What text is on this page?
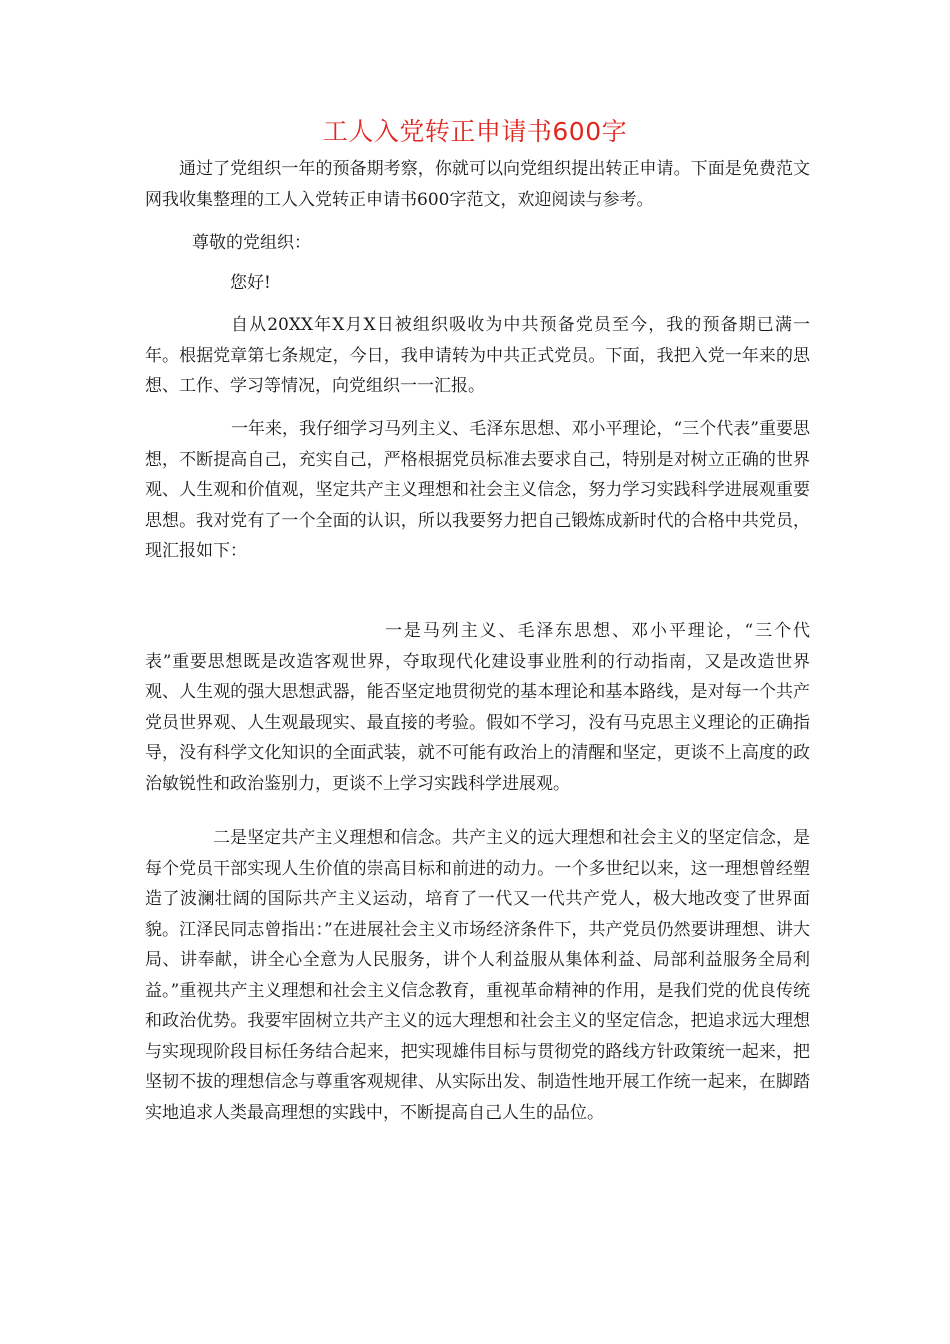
工人入党转正申请书600字

通过了党组织一年的预备期考察，你就可以向党组织提出转正申请。下面是免费范文网我收集整理的工人入党转正申请书600字范文，欢迎阅读与参考。

尊敬的党组织：

您好!

自从20XX年X月X日被组织吸收为中共预备党员至今，我的预备期已满一年。根据党章第七条规定，今日，我申请转为中共正式党员。下面，我把入党一年来的思想、工作、学习等情况，向党组织一一汇报。

一年来，我仔细学习马列主义、毛泽东思想、邓小平理论，“三个代表”重要思想，不断提高自己，充实自己，严格根据党员标准去要求自己，特别是对树立正确的世界观、人生观和价值观，坚定共产主义理想和社会主义信念，努力学习实践科学进展观重要思想。我对党有了一个全面的认识，所以我要努力把自己锻炼成新时代的合格中共党员，现汇报如下：

一是马列主义、毛泽东思想、邓小平理论，“三个代表”重要思想既是改造客观世界，夺取现代化建设事业胜利的行动指南，又是改造世界观、人生观的强大思想武器，能否坚定地贯彻党的基本理论和基本路线，是对每一个共产党员世界观、人生观最现实、最直接的考验。假如不学习，没有马克思主义理论的正确指导，没有科学文化知识的全面武装，就不可能有政治上的清醒和坚定，更谈不上高度的政治敏锐性和政治鉴别力，更谈不上学习实践科学进展观。

二是坚定共产主义理想和信念。共产主义的远大理想和社会主义的坚定信念，是每个党员干部实现人生价值的崇高目标和前进的动力。一个多世纪以来，这一理想曾经塑造了波澜壮阔的国际共产主义运动，培育了一代又一代共产党人，极大地改变了世界面貌。江泽民同志曾指出：”在进展社会主义市场经济条件下，共产党员仍然要讲理想、讲大局、讲奉献，讲全心全意为人民服务，讲个人利益服从集体利益、局部利益服务全局利益。”重视共产主义理想和社会主义信念教育，重视革命精神的作用，是我们党的优良传统和政治优势。我要牢固树立共产主义的远大理想和社会主义的坚定信念，把追求远大理想与实现现阶段目标任务结合起来，把实现雄伟目标与贯彻党的路线方针政策统一起来，把坚韧不拔的理想信念与尊重客观规律、从实际出发、制造性地开展工作统一起来，在脚踏实地追求人类最高理想的实践中，不断提高自己人生的品位。
